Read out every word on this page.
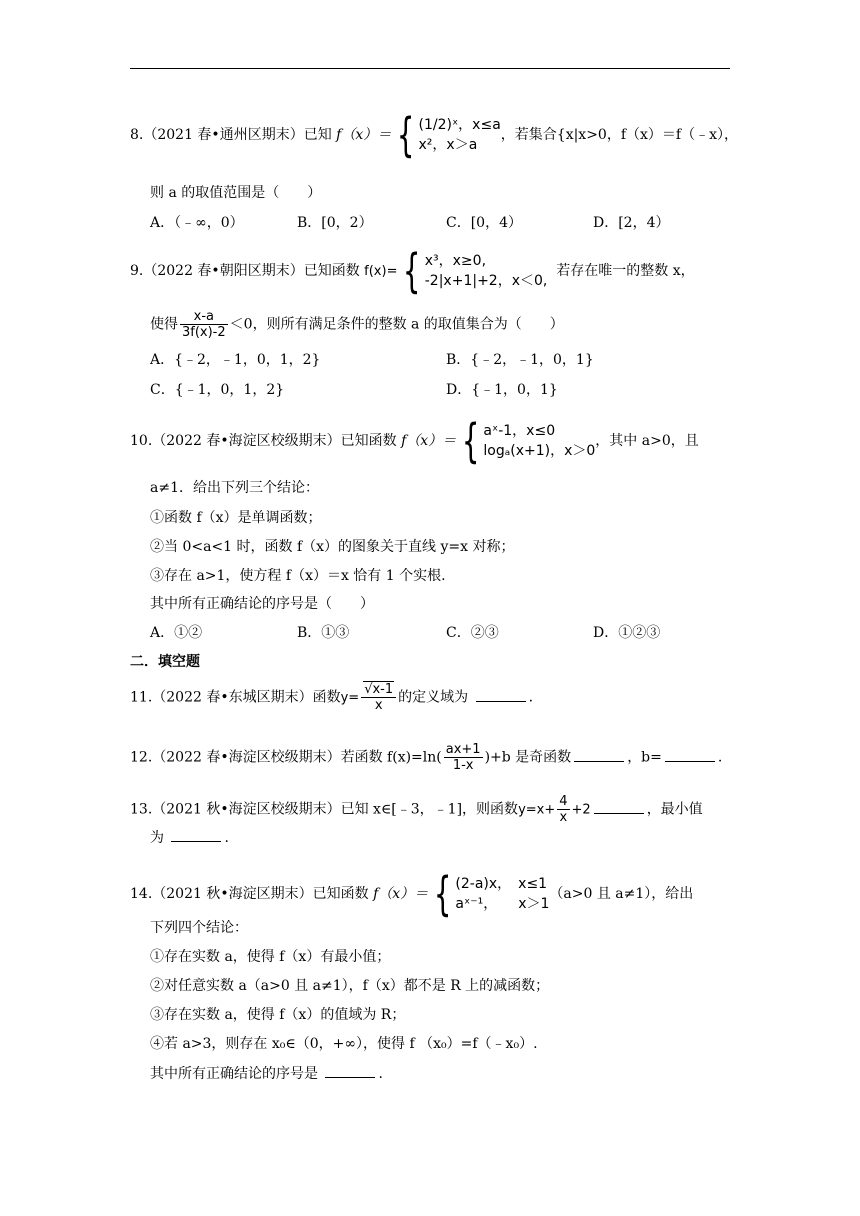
8.（2021 春•通州区期末）已知 f（x）＝ { (1/2)ˣ，x≤a
x²，x＞a
，若集合{x|x>0，f（x）＝f（﹣x），
则 a 的取值范围是（　　）
A．（﹣∞，0）	B．[0，2）	C．[0，4）	D．[2，4）
9.（2022 春•朝阳区期末）已知函数 f(x)= { x³，x≥0,
-2|x+1|+2，x＜0,
若存在唯一的整数 x，
使得 $\frac{x-a}{3f(x)-2} <0$，则所有满足条件的整数 a 的取值集合为（　　）
A．{﹣2，﹣1，0，1，2}	B．{﹣2，﹣1，0，1}
C．{﹣1，0，1，2}	D．{﹣1，0，1}
10.（2022 春•海淀区校级期末）已知函数 f（x）＝ { aˣ-1，x≤0
logₐ(x+1)，x＞0
，其中 a>0，且
a≠1．给出下列三个结论：
①函数 f（x）是单调函数；
②当 0<a<1 时，函数 f（x）的图象关于直线 y=x 对称；
③存在 a>1，使方程 f（x）＝x 恰有 1 个实根.
其中所有正确结论的序号是（　　）
A．①②	B．①③	C．②③	D．①②③
二．填空题
11.（2022 春•东城区期末）函数$y= \frac{√x-1}{x}$ 的定义域为	.
12.（2022 春•海淀区校级期末）若函数 $f(x)=\ln( \frac{ax+1}{1-x} )+b$ 是奇函数	，b=	.
13.（2021 秋•海淀区校级期末）已知 x∈[﹣3，﹣1]，则函数$y=x+ \frac{4}{x} +2$	，最小值
为	.
14.（2021 秋•海淀区期末）已知函数 f（x）＝ { (2-a)x，　x≤1
aˣ⁻¹，　　x＞1
（a>0 且 a≠1），给出
下列四个结论：
①存在实数 a，使得 f（x）有最小值；
②对任意实数 a（a>0 且 a≠1），f（x）都不是 R 上的减函数；
③存在实数 a，使得 f（x）的值域为 R；
④若 a>3，则存在 x₀∈（0，+∞），使得 f （x₀）=f（﹣x₀）.
其中所有正确结论的序号是	.
